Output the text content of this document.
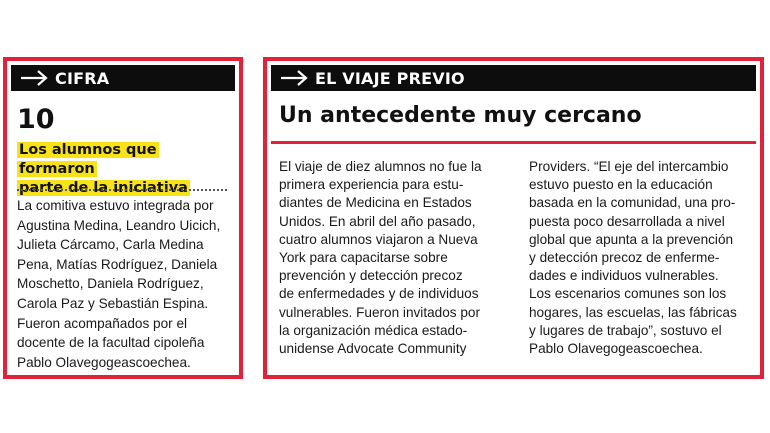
CIFRA
10
Los alumnos que formaron
parte de la iniciativa
La comitiva estuvo integrada por
Agustina Medina, Leandro Uicich,
Julieta Cárcamo, Carla Medina
Pena, Matías Rodríguez, Daniela
Moschetto, Daniela Rodríguez,
Carola Paz y Sebastián Espina.
Fueron acompañados por el
docente de la facultad cipoleña
Pablo Olavegogeascoechea.
EL VIAJE PREVIO
Un antecedente muy cercano
El viaje de diez alumnos no fue la
primera experiencia para estu-
diantes de Medicina en Estados
Unidos. En abril del año pasado,
cuatro alumnos viajaron a Nueva
York para capacitarse sobre
prevención y detección precoz
de enfermedades y de individuos
vulnerables. Fueron invitados por
la organización médica estado-
unidense Advocate Community
Providers. “El eje del intercambio
estuvo puesto en la educación
basada en la comunidad, una pro-
puesta poco desarrollada a nivel
global que apunta a la prevención
y detección precoz de enferme-
dades e individuos vulnerables.
Los escenarios comunes son los
hogares, las escuelas, las fábricas
y lugares de trabajo”, sostuvo el
Pablo Olavegogeascoechea.
